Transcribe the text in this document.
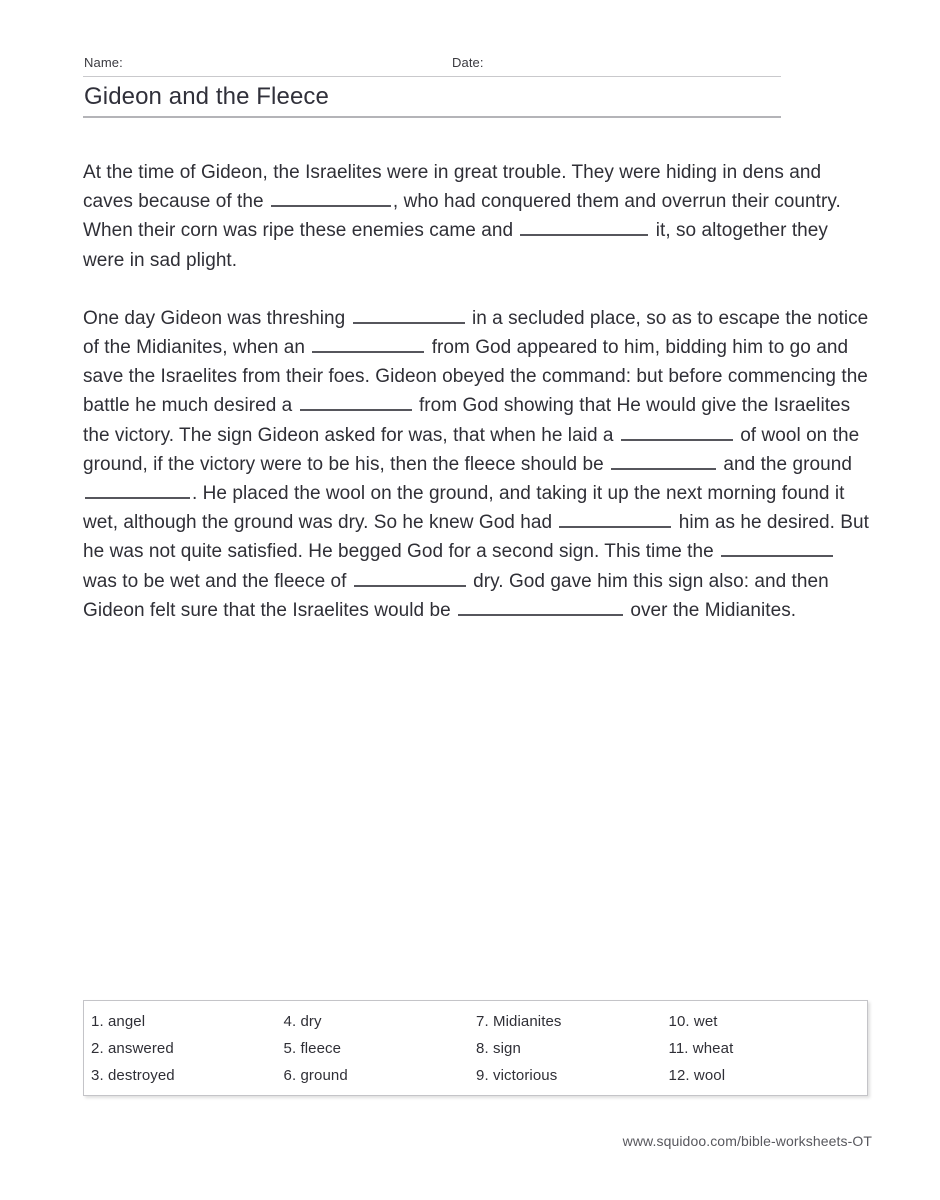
Name:	Date:
Gideon and the Fleece

At the time of Gideon, the Israelites were in great trouble. They were hiding in dens and caves because of the	, who had conquered them and overrun their country. When their corn was ripe these enemies came and	it, so altogether they were in sad plight.

One day Gideon was threshing	in a secluded place, so as to escape the notice of the Midianites, when an	from God appeared to him, bidding him to go and save the Israelites from their foes. Gideon obeyed the command: but before commencing the battle he much desired a	from God showing that He would give the Israelites the victory. The sign Gideon asked for was, that when he laid a	of wool on the ground, if the victory were to be his, then the fleece should be	and the ground . He placed the wool on the ground, and taking it up the next morning found it wet, although the ground was dry. So he knew God had	him as he desired. But he was not quite satisfied. He begged God for a second sign. This time the  was to be wet and the fleece of	dry. God gave him this sign also: and then Gideon felt sure that the Israelites would be	over the Midianites.

1. angel
2. answered
3. destroyed
4. dry
5. fleece
6. ground
7. Midianites
8. sign
9. victorious
10. wet
11. wheat
12. wool
www.squidoo.com/bible-worksheets-OT
